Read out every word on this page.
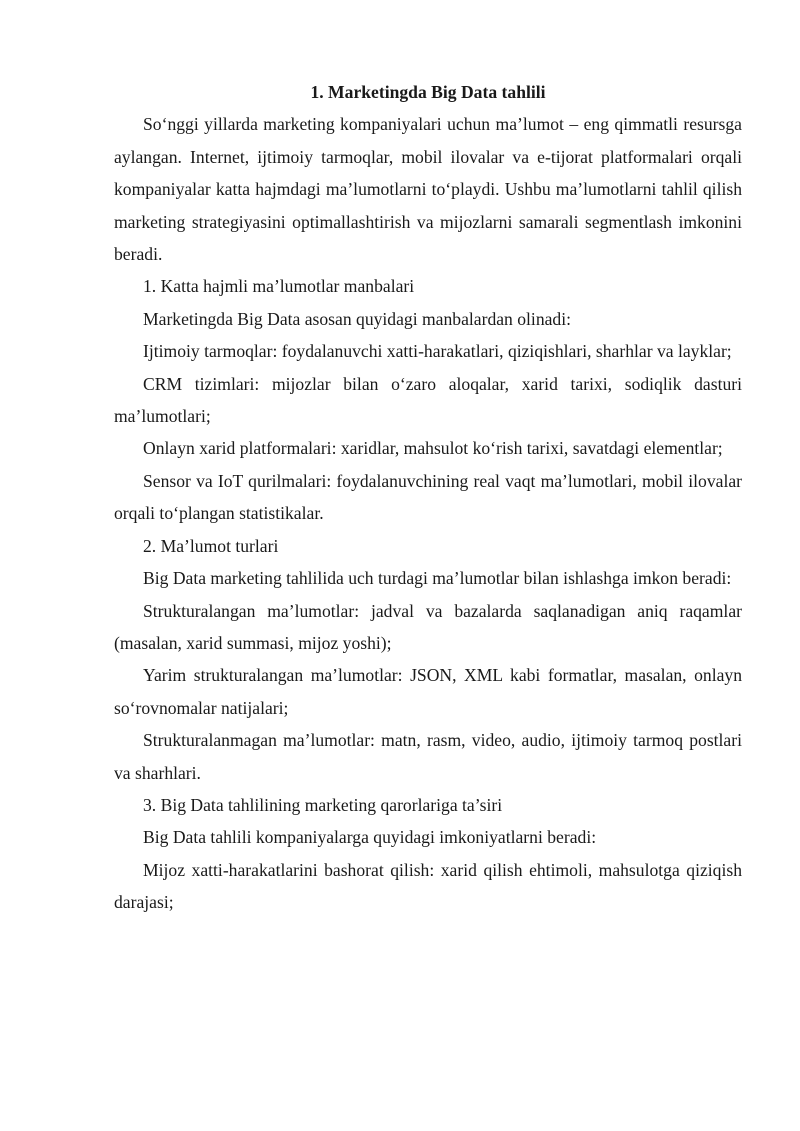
1. Marketingda Big Data tahlili

So‘nggi yillarda marketing kompaniyalari uchun ma’lumot – eng qimmatli resursga aylangan. Internet, ijtimoiy tarmoqlar, mobil ilovalar va e-tijorat platformalari orqali kompaniyalar katta hajmdagi ma’lumotlarni to‘playdi. Ushbu ma’lumotlarni tahlil qilish marketing strategiyasini optimallashtirish va mijozlarni samarali segmentlash imkonini beradi.

1. Katta hajmli ma’lumotlar manbalari

Marketingda Big Data asosan quyidagi manbalardan olinadi:

Ijtimoiy tarmoqlar: foydalanuvchi xatti-harakatlari, qiziqishlari, sharhlar va layklar;

CRM tizimlari: mijozlar bilan o‘zaro aloqalar, xarid tarixi, sodiqlik dasturi ma’lumotlari;

Onlayn xarid platformalari: xaridlar, mahsulot ko‘rish tarixi, savatdagi elementlar;

Sensor va IoT qurilmalari: foydalanuvchining real vaqt ma’lumotlari, mobil ilovalar orqali to‘plangan statistikalar.

2. Ma’lumot turlari

Big Data marketing tahlilida uch turdagi ma’lumotlar bilan ishlashga imkon beradi:

Strukturalangan ma’lumotlar: jadval va bazalarda saqlanadigan aniq raqamlar (masalan, xarid summasi, mijoz yoshi);

Yarim strukturalangan ma’lumotlar: JSON, XML kabi formatlar, masalan, onlayn so‘rovnomalar natijalari;

Strukturalanmagan ma’lumotlar: matn, rasm, video, audio, ijtimoiy tarmoq postlari va sharhlari.

3. Big Data tahlilining marketing qarorlariga ta’siri

Big Data tahlili kompaniyalarga quyidagi imkoniyatlarni beradi:

Mijoz xatti-harakatlarini bashorat qilish: xarid qilish ehtimoli, mahsulotga qiziqish darajasi;
